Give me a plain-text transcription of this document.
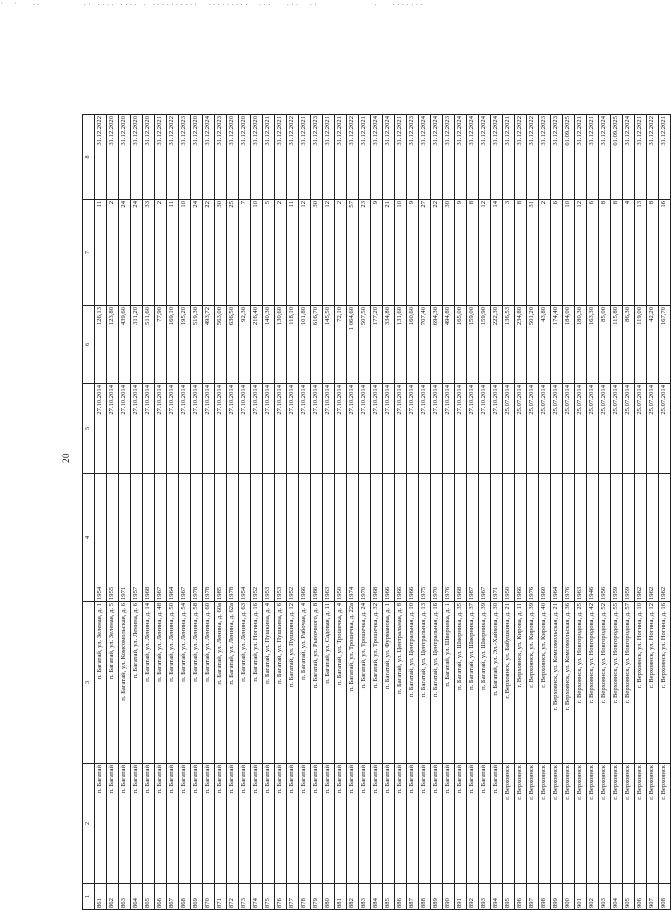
·  ·   ..         .. .... .... . ..........  .........  ...   ...  ..            .   .......
20
1	2	3	4	5	6	7	8
861	п. Багатай	п. Багатай, ул. Зеленая, д. 1	1954	27.10.2014	126,13	11	31.12.2022
862	п. Багатай	п. Багатай, ул. Зеленая, д. 5	1955	27.10.2014	123,80	2	31.12.2020
863	п. Багатай	п. Багатай, ул. Комсомольская, д. 6	1971	27.10.2014	439,60	24	31.12.2020
864	п. Багатай	п. Багатай, ул. Ленина, д. 6	1957	27.10.2014	311,20	24	31.12.2020
865	п. Багатай	п. Багатай, ул. Ленина, д. 14	1968	27.10.2014	511,60	33	31.12.2020
866	п. Багатай	п. Багатай, ул. Ленина, д. 48	1967	27.10.2014	77,90	2	31.12.2021
867	п. Багатай	п. Багатай, ул. Ленина, д. 50	1964	27.10.2014	169,10	11	31.12.2022
868	п. Багатай	п. Багатай, ул. Ленина, д. 54	1967	27.10.2014	195,20	10	31.12.2023
869	п. Багатай	п. Багатай, ул. Ленина, д. 58	1978	27.10.2014	519,30	24	31.12.2020
870	п. Багатай	п. Багатай, ул. Ленина, д. 60	1978	27.10.2014	493,72	22	31.12.2024
871	п. Багатай	п. Багатай, ул. Ленина, д. 60а	1985	27.10.2014	563,00	30	31.12.2023
872	п. Багатай	п. Багатай, ул. Ленина, д. 62а	1978	27.10.2014	636,50	25	31.12.2020
873	п. Багатай	п. Багатай, ул. Ленина, д. 63	1954	27.10.2014	92,30	7	31.12.2020
874	п. Багатай	п. Багатай, ул. Ногина, д. 16	1952	27.10.2014	216,40	10	31.12.2020
875	п. Багатай	п. Багатай, ул. Пушкина, д. 4	1953	27.10.2014	140,30	5	31.12.2021
876	п. Багатай	п. Багатай, ул. Пушкина, д. 6	1953	27.10.2014	130,60	2	31.12.2021
877	п. Багатай	п. Багатай, ул. Пушкина, д. 12	1952	27.10.2014	118,10	11	31.12.2022
878	п. Багатай	п. Багатай, ул. Рабочая, д. 4	1966	27.10.2014	101,80	12	31.12.2021
879	п. Багатай	п. Багатай, ул. Рыночного, д. 8	1986	27.10.2014	616,70	30	31.12.2023
880	п. Багатай	п. Багатай, ул. Садовая, д. 11	1963	27.10.2014	145,50	12	31.12.2021
881	п. Багатай	п. Багатай, ул. Трошечка, д. 4	1950	27.10.2014	72,10	2	31.12.2021
882	п. Багатай	п. Багатай, ул. Трошечка, д. 22а	1974	27.10.2014	1 064,60	57	31.12.2022
883	п. Багатай	п. Багатай, ул. Трошечка, д. 24	1970	27.10.2014	507,50	23	31.12.2021
884	п. Багатай	п. Багатай, ул. Трошечка, д. 32	1968	27.10.2014	177,20	9	31.12.2024
885	п. Багатай	п. Багатай, ул. Фурманова, д. 1	1966	27.10.2014	334,80	21	31.12.2024
886	п. Багатай	п. Багатай, ул. Центральная, д. 8	1966	27.10.2014	131,60	10	31.12.2021
887	п. Багатай	п. Багатай, ул. Центральная, д. 10	1966	27.10.2014	160,60	9	31.12.2023
888	п. Багатай	п. Багатай, ул. Центральная, д. 13	1975	27.10.2014	707,40	27	31.12.2024
889	п. Багатай	п. Багатай, ул. Центральная, д. 16	1970	27.10.2014	694,30	22	31.12.2024
890	п. Багатай	п. Багатай, ул. Шверника, д. 1	1976	27.10.2014	494,80	30	31.12.2023
891	п. Багатай	п. Багатай, ул. Шверника, д. 35	1968	27.10.2014	165,00	9	31.12.2024
892	п. Багатай	п. Багатай, ул. Шверника, д. 37	1987	27.10.2014	159,00	8	31.12.2024
893	п. Багатай	п. Багатай, ул. Шверника, д. 39	1967	27.10.2014	159,90	12	31.12.2024
894	п. Багатай	п. Багатай, ул. Эл.-Хайкова, д. 30	1971	27.10.2014	222,30	14	31.12.2024
895	г. Верхоянск	г. Верхоянск, ул. Бабушкина, д. 21	1950	25.07.2014	136,53	3	31.12.2021
896	г. Верхоянск	г. Верхоянск, ул. Кирова, д. 11	1966	25.07.2014	234,80	8	31.12.2022
897	г. Верхоянск	г. Верхоянск, ул. Кирова, д. 39	1976	25.07.2014	501,20	31	31.12.2022
898	г. Верхоянск	г. Верхоянск, ул. Кирова, д. 40	1960	25.07.2014	43,80	2	31.12.2023
899	г. Верхоянск	г. Верхоянск, ул. Комсомольская, д. 21	1964	25.07.2014	174,40	6	31.12.2023
900	г. Верхоянск	г. Верхоянск, ул. Комсомольская, д. 36	1976	25.07.2014	184,00	10	01.09.2025
901	г. Верхоянск	г. Верхоянск, ул. Новгородова, д. 25	1963	25.07.2014	180,30	12	31.12.2021
902	г. Верхоянск	г. Верхоянск, ул. Новгородова, д. 42	1946	25.07.2014	163,30	6	31.12.2021
903	г. Верхоянск	г. Верхоянск, ул. Новгородова, д. 52	1956	25.07.2014	85,00	8	31.12.2024
904	г. Верхоянск	г. Верхоянск, ул. Новгородова, д. 55	1959	25.07.2014	115,80	8	01.09.2025
905	г. Верхоянск	г. Верхоянск, ул. Новгородова, д. 57	1959	25.07.2014	86,30	4	31.12.2024
906	г. Верхоянск	г. Верхоянск, ул. Ногина, д. 10	1962	25.07.2014	119,00	13	31.12.2021
907	г. Верхоянск	г. Верхоянск, ул. Ногина, д. 12	1962	25.07.2014	42,20	8	31.12.2022
908	г. Верхоянск	г. Верхоянск, ул. Ногина, д. 16	1962	25.07.2014	167,70	16	31.12.2021
